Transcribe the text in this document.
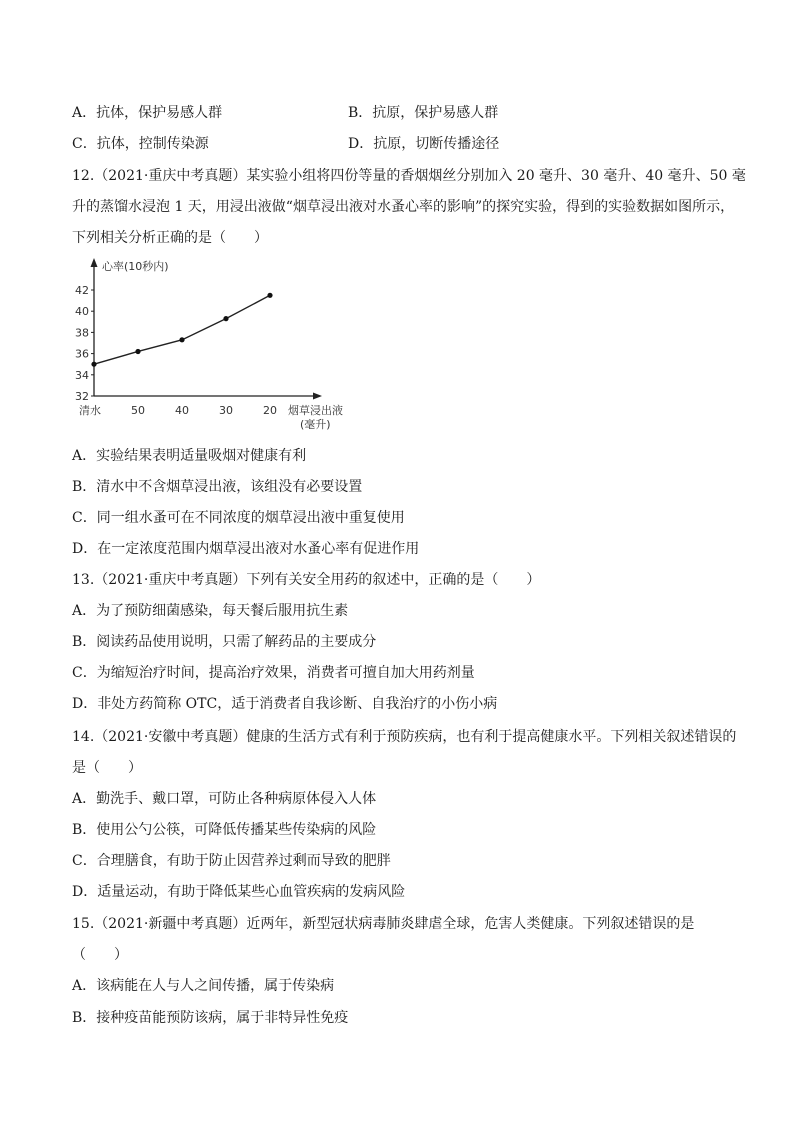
A．抗体，保护易感人群	B．抗原，保护易感人群
C．抗体，控制传染源	D．抗原，切断传播途径
12.（2021·重庆中考真题）某实验小组将四份等量的香烟烟丝分别加入 20 毫升、30 毫升、40 毫升、50 毫
升的蒸馏水浸泡 1 天，用浸出液做“烟草浸出液对水蚤心率的影响”的探究实验，得到的实验数据如图所示，
下列相关分析正确的是（　　）
心率(10秒内)
烟草浸出液
(毫升)
32
34
36
38
40
42
清水	50	40	30	20
A．实验结果表明适量吸烟对健康有利
B．清水中不含烟草浸出液，该组没有必要设置
C．同一组水蚤可在不同浓度的烟草浸出液中重复使用
D．在一定浓度范围内烟草浸出液对水蚤心率有促进作用
13.（2021·重庆中考真题）下列有关安全用药的叙述中，正确的是（　　）
A．为了预防细菌感染，每天餐后服用抗生素
B．阅读药品使用说明，只需了解药品的主要成分
C．为缩短治疗时间，提高治疗效果，消费者可擅自加大用药剂量
D．非处方药简称 OTC，适于消费者自我诊断、自我治疗的小伤小病
14.（2021·安徽中考真题）健康的生活方式有利于预防疾病，也有利于提高健康水平。下列相关叙述错误的
是（　　）
A．勤洗手、戴口罩，可防止各种病原体侵入人体
B．使用公勺公筷，可降低传播某些传染病的风险
C．合理膳食，有助于防止因营养过剩而导致的肥胖
D．适量运动，有助于降低某些心血管疾病的发病风险
15.（2021·新疆中考真题）近两年，新型冠状病毒肺炎肆虐全球，危害人类健康。下列叙述错误的是
（　　）
A．该病能在人与人之间传播，属于传染病
B．接种疫苗能预防该病，属于非特异性免疫
